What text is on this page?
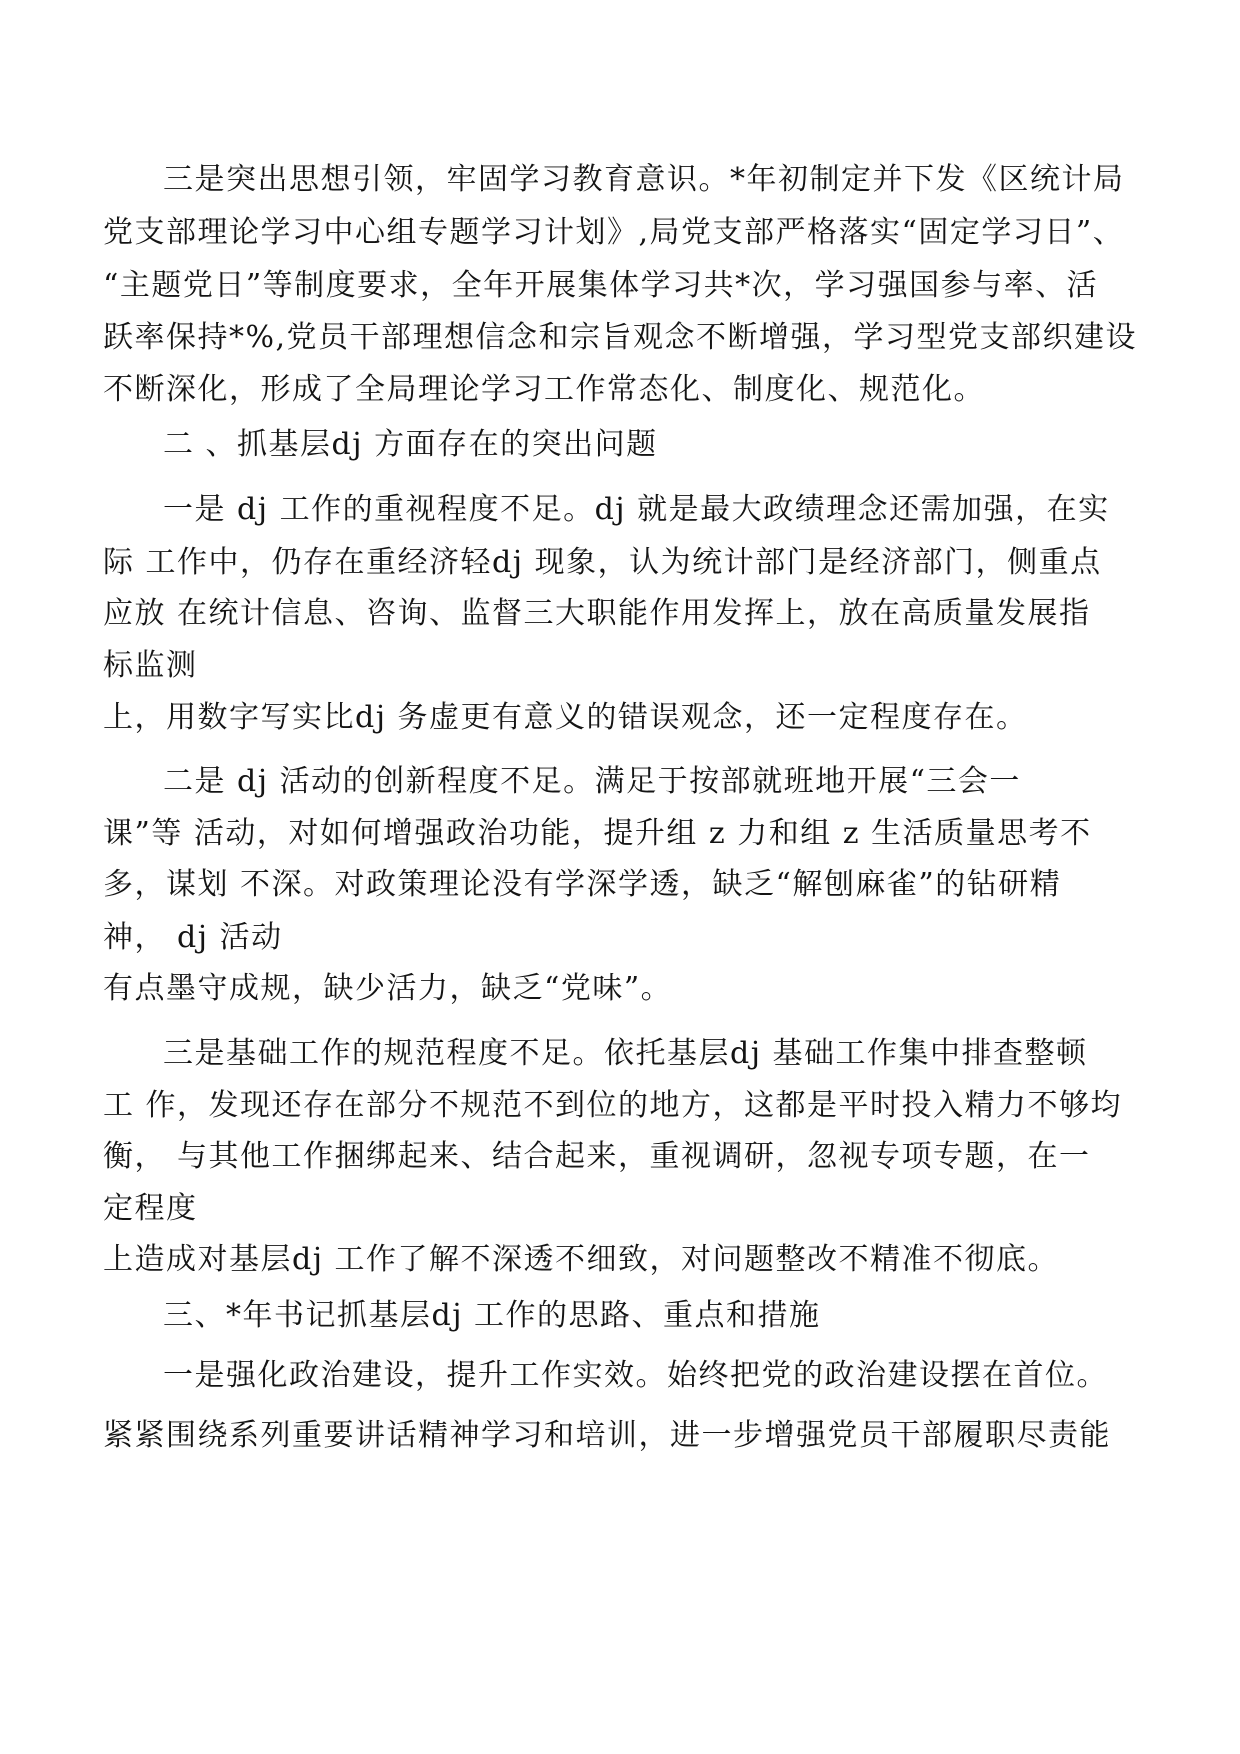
三是突出思想引领，牢固学习教育意识。*年初制定并下发《区统计局
党支部理论学习中心组专题学习计划》,局党支部严格落实“固定学习日”、
“主题党日”等制度要求，全年开展集体学习共*次，学习强国参与率、活
跃率保持*%,党员干部理想信念和宗旨观念不断增强，学习型党支部织建设
不断深化，形成了全局理论学习工作常态化、制度化、规范化。
二 、抓基层dj 方面存在的突出问题
一是 dj 工作的重视程度不足。dj 就是最大政绩理念还需加强，在实
际 工作中，仍存在重经济轻dj 现象，认为统计部门是经济部门，侧重点
应放 在统计信息、咨询、监督三大职能作用发挥上，放在高质量发展指
标监测
上，用数字写实比dj 务虚更有意义的错误观念，还一定程度存在。
二是 dj 活动的创新程度不足。满足于按部就班地开展“三会一
课”等 活动，对如何增强政治功能，提升组 z 力和组 z 生活质量思考不
多，谋划 不深。对政策理论没有学深学透，缺乏“解刨麻雀”的钻研精
神， dj 活动
有点墨守成规，缺少活力，缺乏“党味”。
三是基础工作的规范程度不足。依托基层dj 基础工作集中排查整顿
工 作，发现还存在部分不规范不到位的地方，这都是平时投入精力不够均
衡， 与其他工作捆绑起来、结合起来，重视调研，忽视专项专题，在一
定程度
上造成对基层dj 工作了解不深透不细致，对问题整改不精准不彻底。
三、*年书记抓基层dj 工作的思路、重点和措施
一是强化政治建设，提升工作实效。始终把党的政治建设摆在首位。
紧紧围绕系列重要讲话精神学习和培训，进一步增强党员干部履职尽责能
